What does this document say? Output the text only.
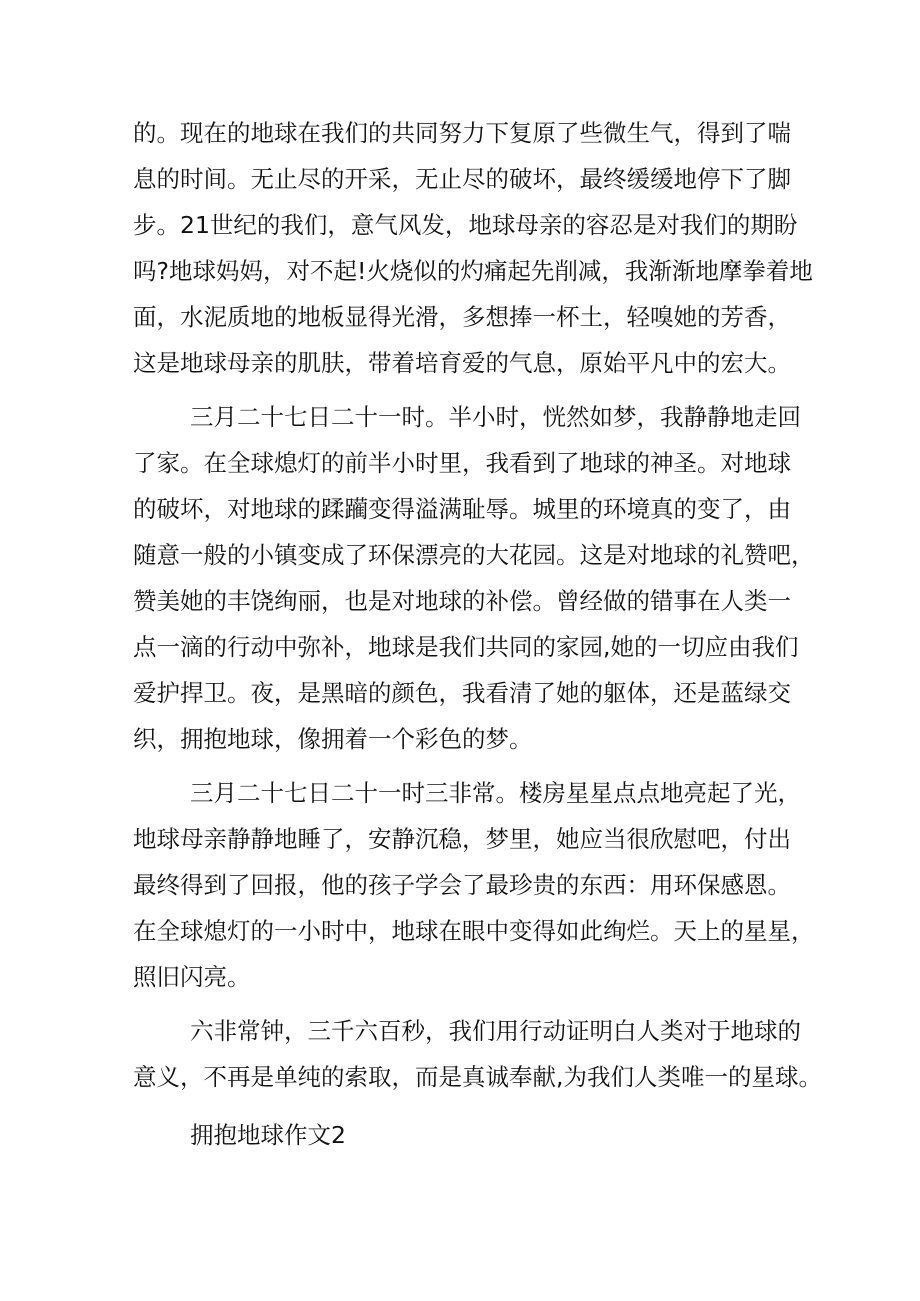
的。现在的地球在我们的共同努力下复原了些微生气，得到了喘
息的时间。无止尽的开采，无止尽的破坏，最终缓缓地停下了脚
步。21世纪的我们，意气风发，地球母亲的容忍是对我们的期盼
吗?地球妈妈，对不起!火烧似的灼痛起先削减，我渐渐地摩拳着地
面，水泥质地的地板显得光滑，多想捧一杯土，轻嗅她的芳香，
这是地球母亲的肌肤，带着培育爱的气息，原始平凡中的宏大。
三月二十七日二十一时。半小时，恍然如梦，我静静地走回
了家。在全球熄灯的前半小时里，我看到了地球的神圣。对地球
的破坏，对地球的蹂躏变得溢满耻辱。城里的环境真的变了，由
随意一般的小镇变成了环保漂亮的大花园。这是对地球的礼赞吧，
赞美她的丰饶绚丽，也是对地球的补偿。曾经做的错事在人类一
点一滴的行动中弥补，地球是我们共同的家园,她的一切应由我们
爱护捍卫。夜，是黑暗的颜色，我看清了她的躯体，还是蓝绿交
织，拥抱地球，像拥着一个彩色的梦。
三月二十七日二十一时三非常。楼房星星点点地亮起了光，
地球母亲静静地睡了，安静沉稳，梦里，她应当很欣慰吧，付出
最终得到了回报，他的孩子学会了最珍贵的东西：用环保感恩。
在全球熄灯的一小时中，地球在眼中变得如此绚烂。天上的星星，
照旧闪亮。
六非常钟，三千六百秒，我们用行动证明白人类对于地球的
意义，不再是单纯的索取，而是真诚奉献,为我们人类唯一的星球。
拥抱地球作文2
